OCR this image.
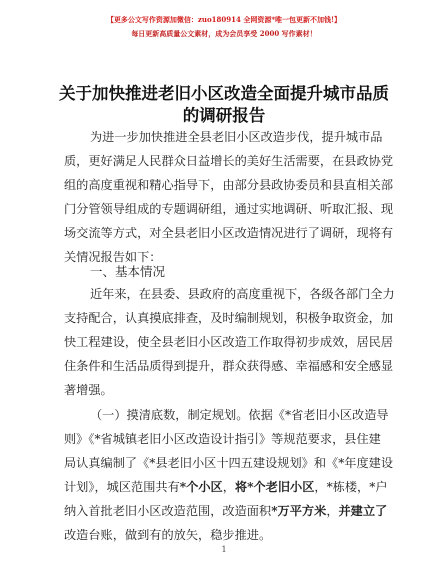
【更多公文写作资源加微信：zuo180914 全网资源*唯一包更新不加钱!】
每日更新高质量公文素材，成为会员享受 2000 写作素材！
关于加快推进老旧小区改造全面提升城市品质
的调研报告
为进一步加快推进全县老旧小区改造步伐，提升城市品
质，更好满足人民群众日益增长的美好生活需要，在县政协党
组的高度重视和精心指导下，由部分县政协委员和县直相关部
门分管领导组成的专题调研组，通过实地调研、听取汇报、现
场交流等方式，对全县老旧小区改造情况进行了调研，现将有
关情况报告如下：
一、基本情况
近年来，在县委、县政府的高度重视下，各级各部门全力
支持配合，认真摸底排查，及时编制规划，积极争取资金，加
快工程建设，使全县老旧小区改造工作取得初步成效，居民居
住条件和生活品质得到提升，群众获得感、幸福感和安全感显
著增强。
（一）摸清底数，制定规划。依据《*省老旧小区改造导
则》《*省城镇老旧小区改造设计指引》等规范要求，县住建
局认真编制了《*县老旧小区十四五建设规划》和《*年度建设
计划》，城区范围共有*个小区，将*个老旧小区，*栋楼，*户
纳入首批老旧小区改造范围，改造面积*万平方米，并建立了
改造台账，做到有的放矢，稳步推进。
1
